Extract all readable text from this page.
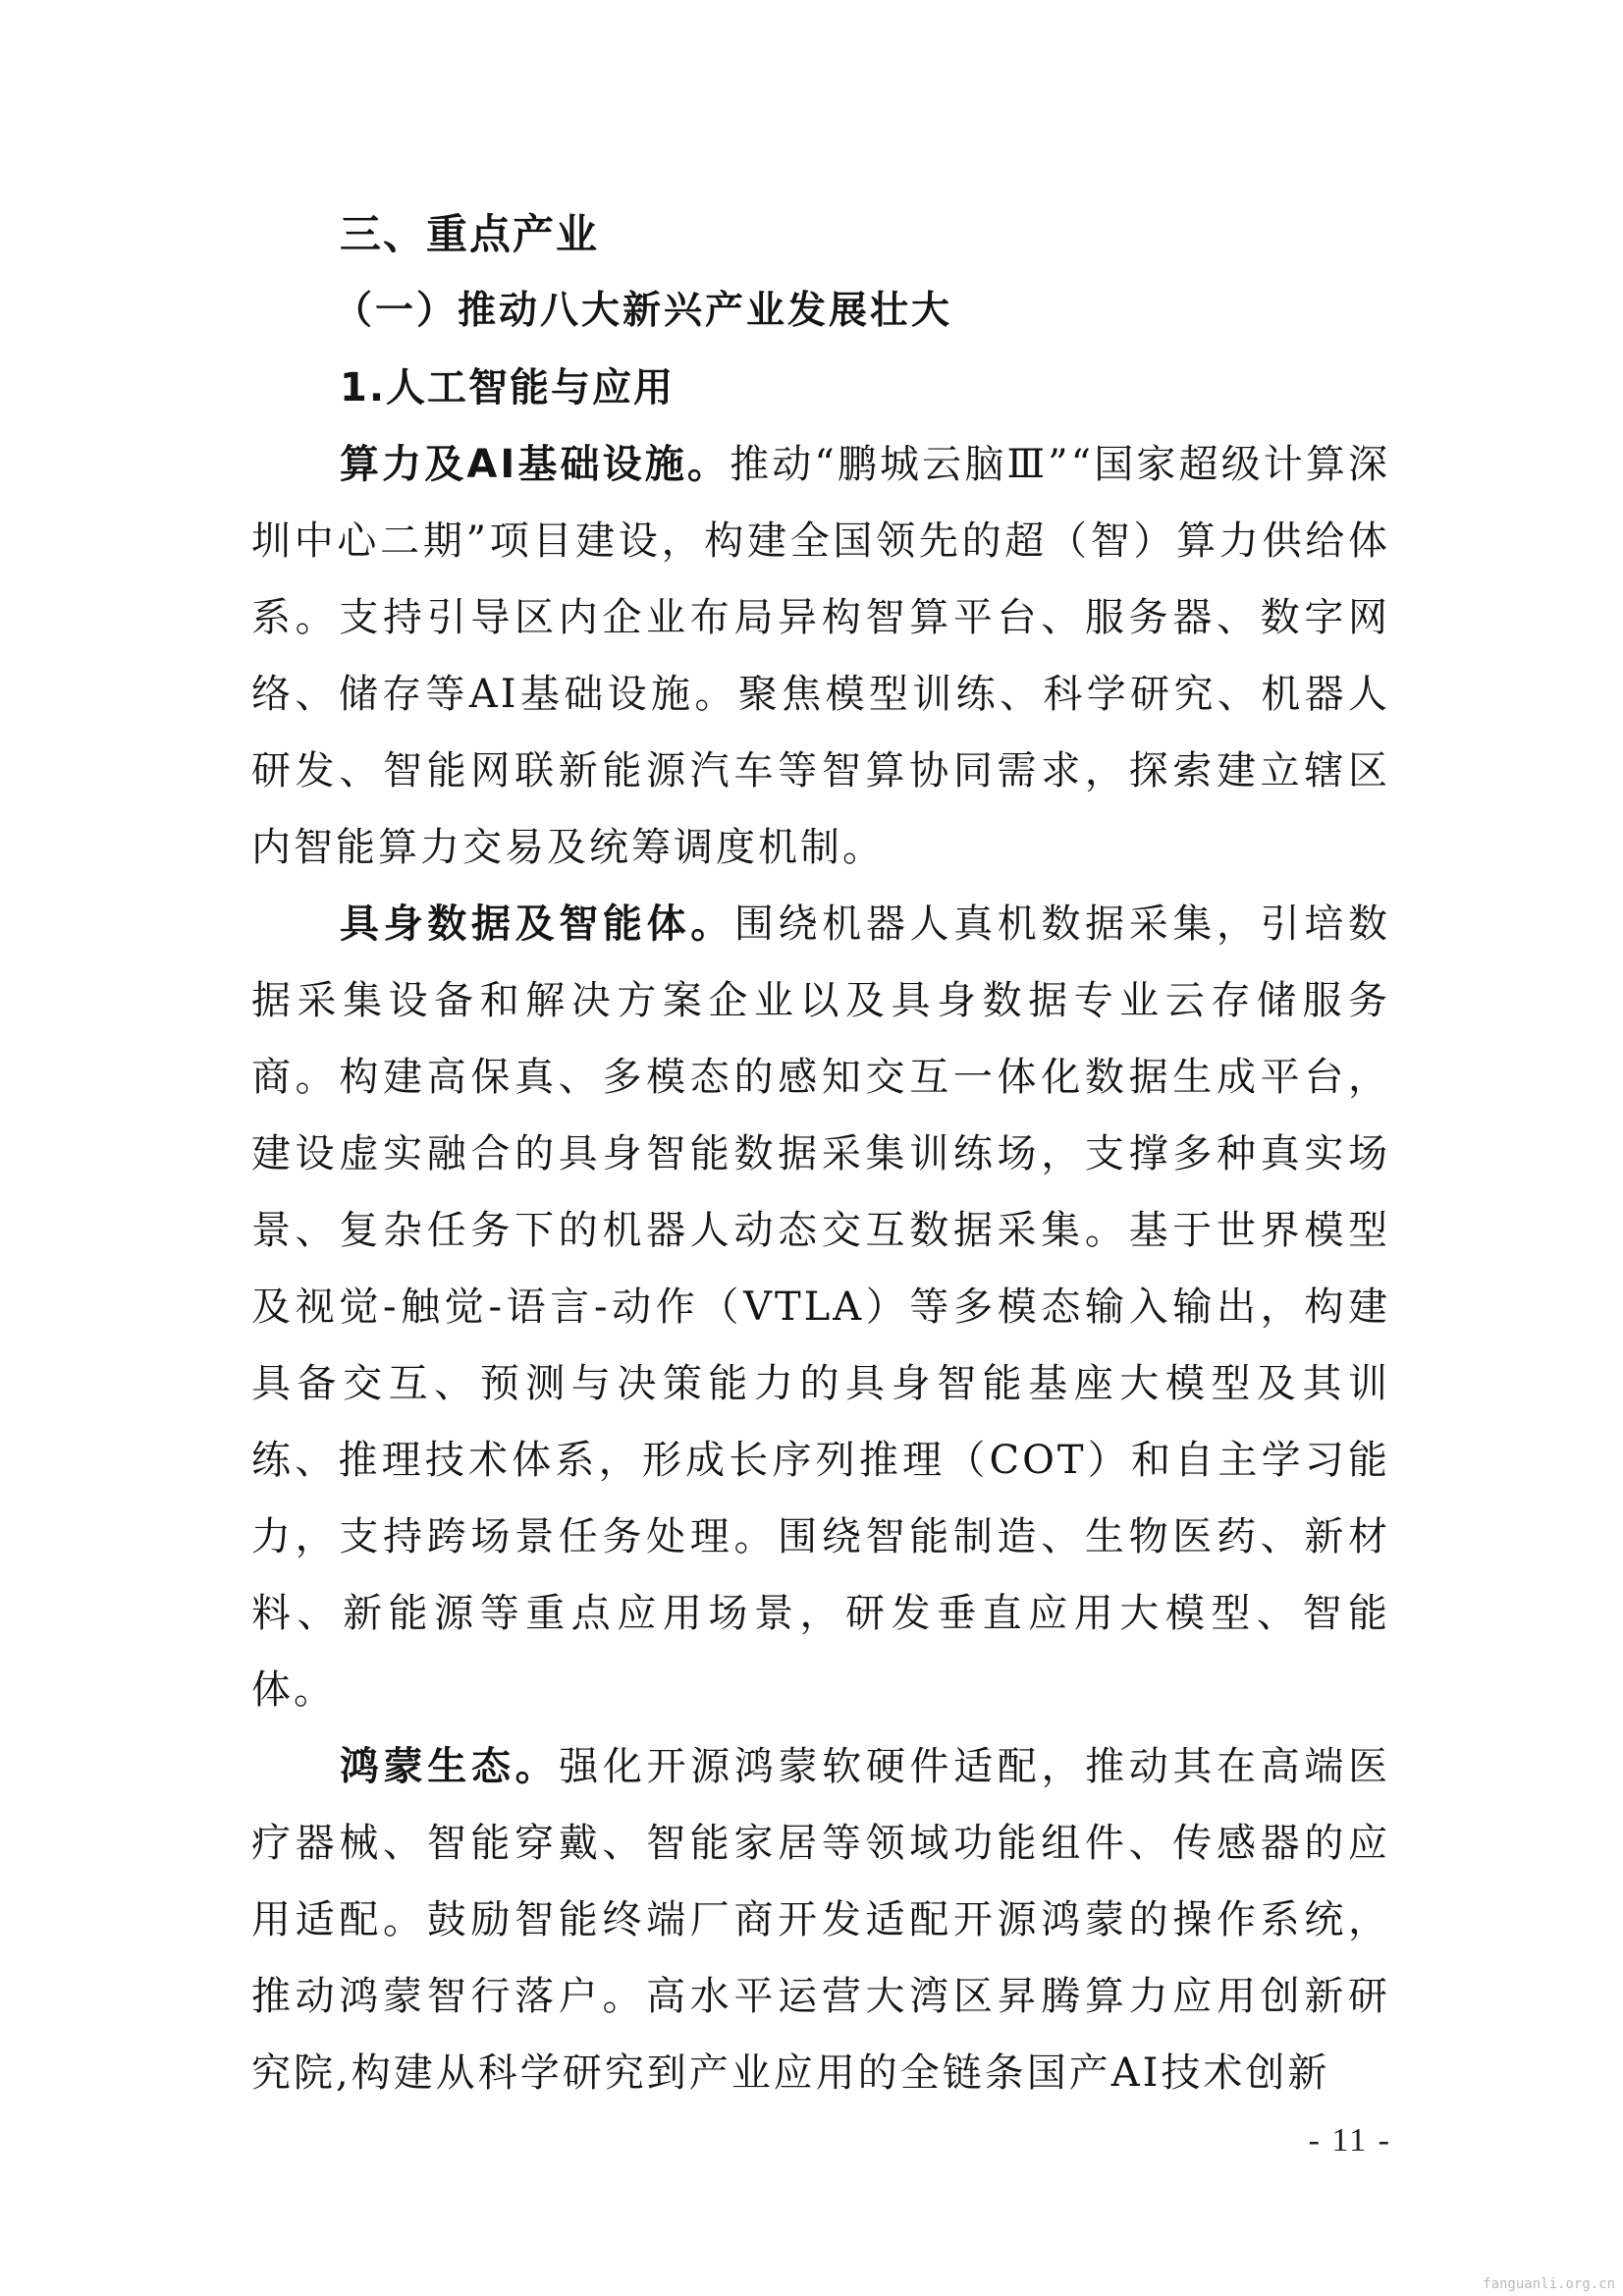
三、重点产业
（一）推动八大新兴产业发展壮大
1.人工智能与应用

算力及AI基础设施。推动“鹏城云脑Ⅲ”“国家超级计算深圳中心二期”项目建设，构建全国领先的超（智）算力供给体系。支持引导区内企业布局异构智算平台、服务器、数字网络、储存等AI基础设施。聚焦模型训练、科学研究、机器人研发、智能网联新能源汽车等智算协同需求，探索建立辖区内智能算力交易及统筹调度机制。

具身数据及智能体。围绕机器人真机数据采集，引培数据采集设备和解决方案企业以及具身数据专业云存储服务商。构建高保真、多模态的感知交互一体化数据生成平台，建设虚实融合的具身智能数据采集训练场，支撑多种真实场景、复杂任务下的机器人动态交互数据采集。基于世界模型及视觉-触觉-语言-动作（VTLA）等多模态输入输出，构建具备交互、预测与决策能力的具身智能基座大模型及其训练、推理技术体系，形成长序列推理（COT）和自主学习能力，支持跨场景任务处理。围绕智能制造、生物医药、新材料、新能源等重点应用场景，研发垂直应用大模型、智能体。

鸿蒙生态。强化开源鸿蒙软硬件适配，推动其在高端医疗器械、智能穿戴、智能家居等领域功能组件、传感器的应用适配。鼓励智能终端厂商开发适配开源鸿蒙的操作系统，推动鸿蒙智行落户。高水平运营大湾区昇腾算力应用创新研究院,构建从科学研究到产业应用的全链条国产AI技术创新

- 11 -
fanguanli.org.cn
